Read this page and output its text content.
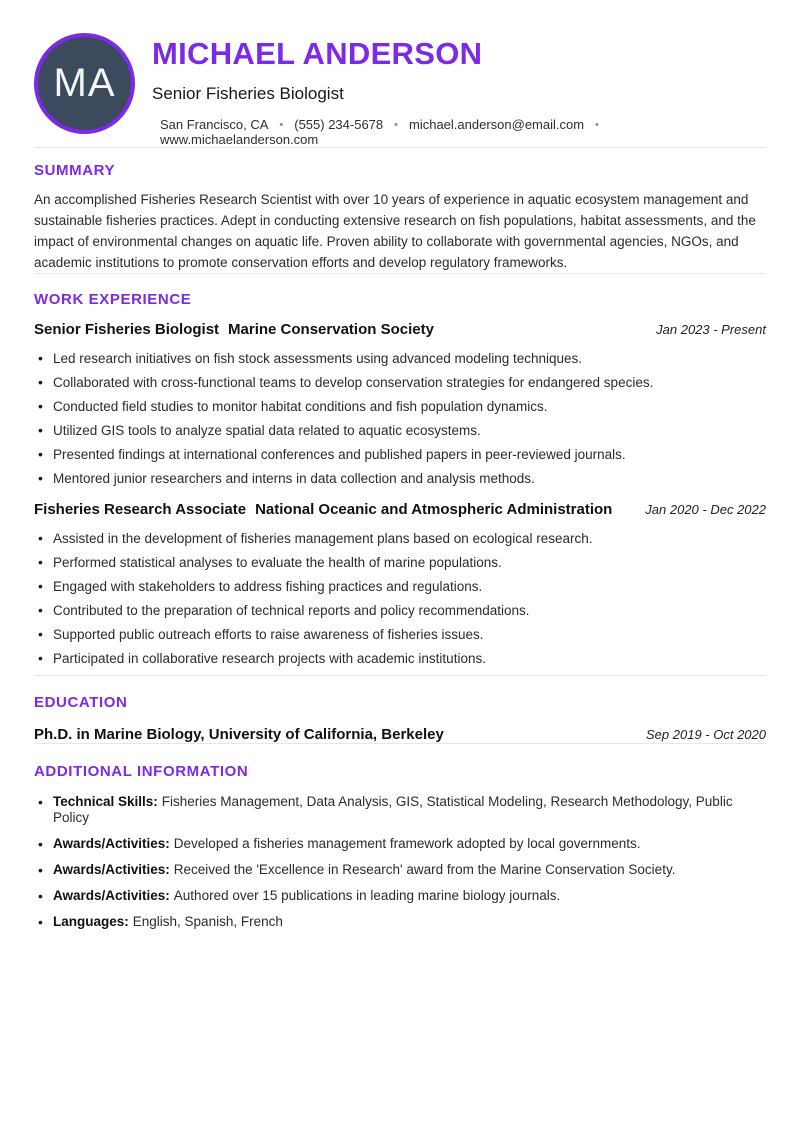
MA
MICHAEL ANDERSON
Senior Fisheries Biologist
San Francisco, CA • (555) 234-5678 • michael.anderson@email.com •
www.michaelanderson.com
SUMMARY

An accomplished Fisheries Research Scientist with over 10 years of experience in aquatic ecosystem management and sustainable fisheries practices. Adept in conducting extensive research on fish populations, habitat assessments, and the impact of environmental changes on aquatic life. Proven ability to collaborate with governmental agencies, NGOs, and academic institutions to promote conservation efforts and develop regulatory frameworks.

WORK EXPERIENCE
Senior Fisheries Biologist Marine Conservation Society	Jan 2023 - Present
• Led research initiatives on fish stock assessments using advanced modeling techniques.
• Collaborated with cross-functional teams to develop conservation strategies for endangered species.
• Conducted field studies to monitor habitat conditions and fish population dynamics.
• Utilized GIS tools to analyze spatial data related to aquatic ecosystems.
• Presented findings at international conferences and published papers in peer-reviewed journals.
• Mentored junior researchers and interns in data collection and analysis methods.
Fisheries Research Associate National Oceanic and Atmospheric Administration	Jan 2020 - Dec 2022
• Assisted in the development of fisheries management plans based on ecological research.
• Performed statistical analyses to evaluate the health of marine populations.
• Engaged with stakeholders to address fishing practices and regulations.
• Contributed to the preparation of technical reports and policy recommendations.
• Supported public outreach efforts to raise awareness of fisheries issues.
• Participated in collaborative research projects with academic institutions.
EDUCATION
Ph.D. in Marine Biology, University of California, Berkeley	Sep 2019 - Oct 2020
ADDITIONAL INFORMATION
• Technical Skills: Fisheries Management, Data Analysis, GIS, Statistical Modeling, Research Methodology, Public Policy
• Awards/Activities: Developed a fisheries management framework adopted by local governments.
• Awards/Activities: Received the 'Excellence in Research' award from the Marine Conservation Society.
• Awards/Activities: Authored over 15 publications in leading marine biology journals.
• Languages: English, Spanish, French
